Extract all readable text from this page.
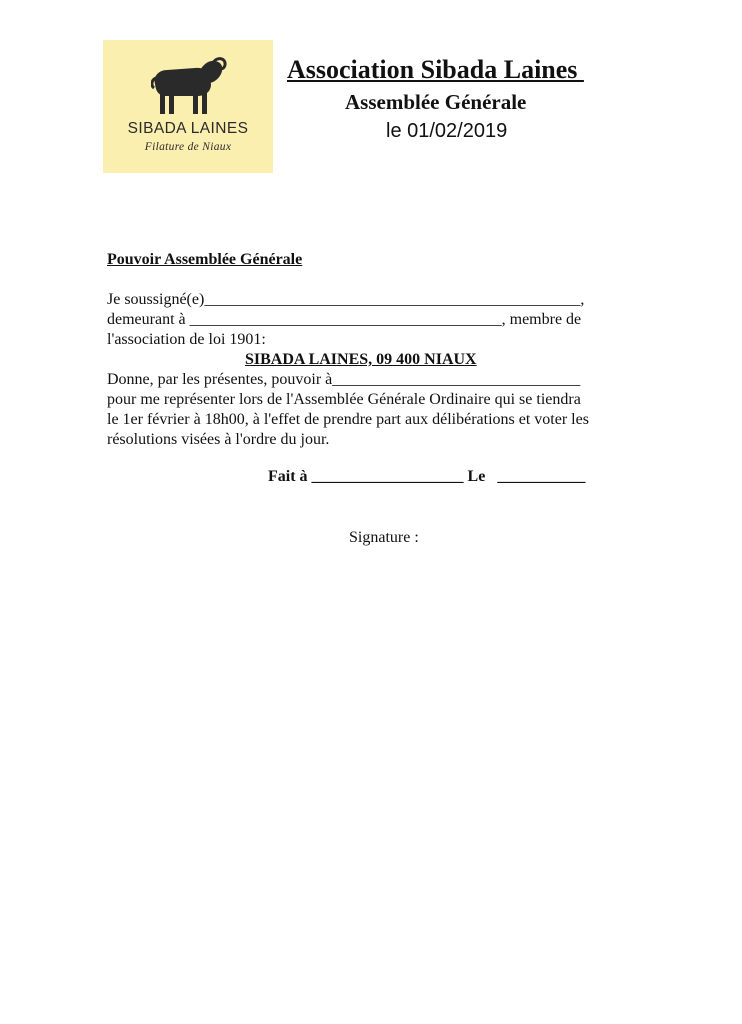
SIBADA LAINES
Filature de Niaux
Association Sibada Laines
Assemblée Générale
le 01/02/2019
Pouvoir Assemblée Générale
Je soussigné(e)_______________________________________________,
demeurant à _______________________________________, membre de
l'association de loi 1901:
SIBADA LAINES, 09 400 NIAUX
Donne, par les présentes, pouvoir à_______________________________
pour me représenter lors de l'Assemblée Générale Ordinaire qui se tiendra
le 1er février à 18h00, à l'effet de prendre part aux délibérations et voter les
résolutions visées à l'ordre du jour.
Fait à ___________________ Le   ___________
Signature :
